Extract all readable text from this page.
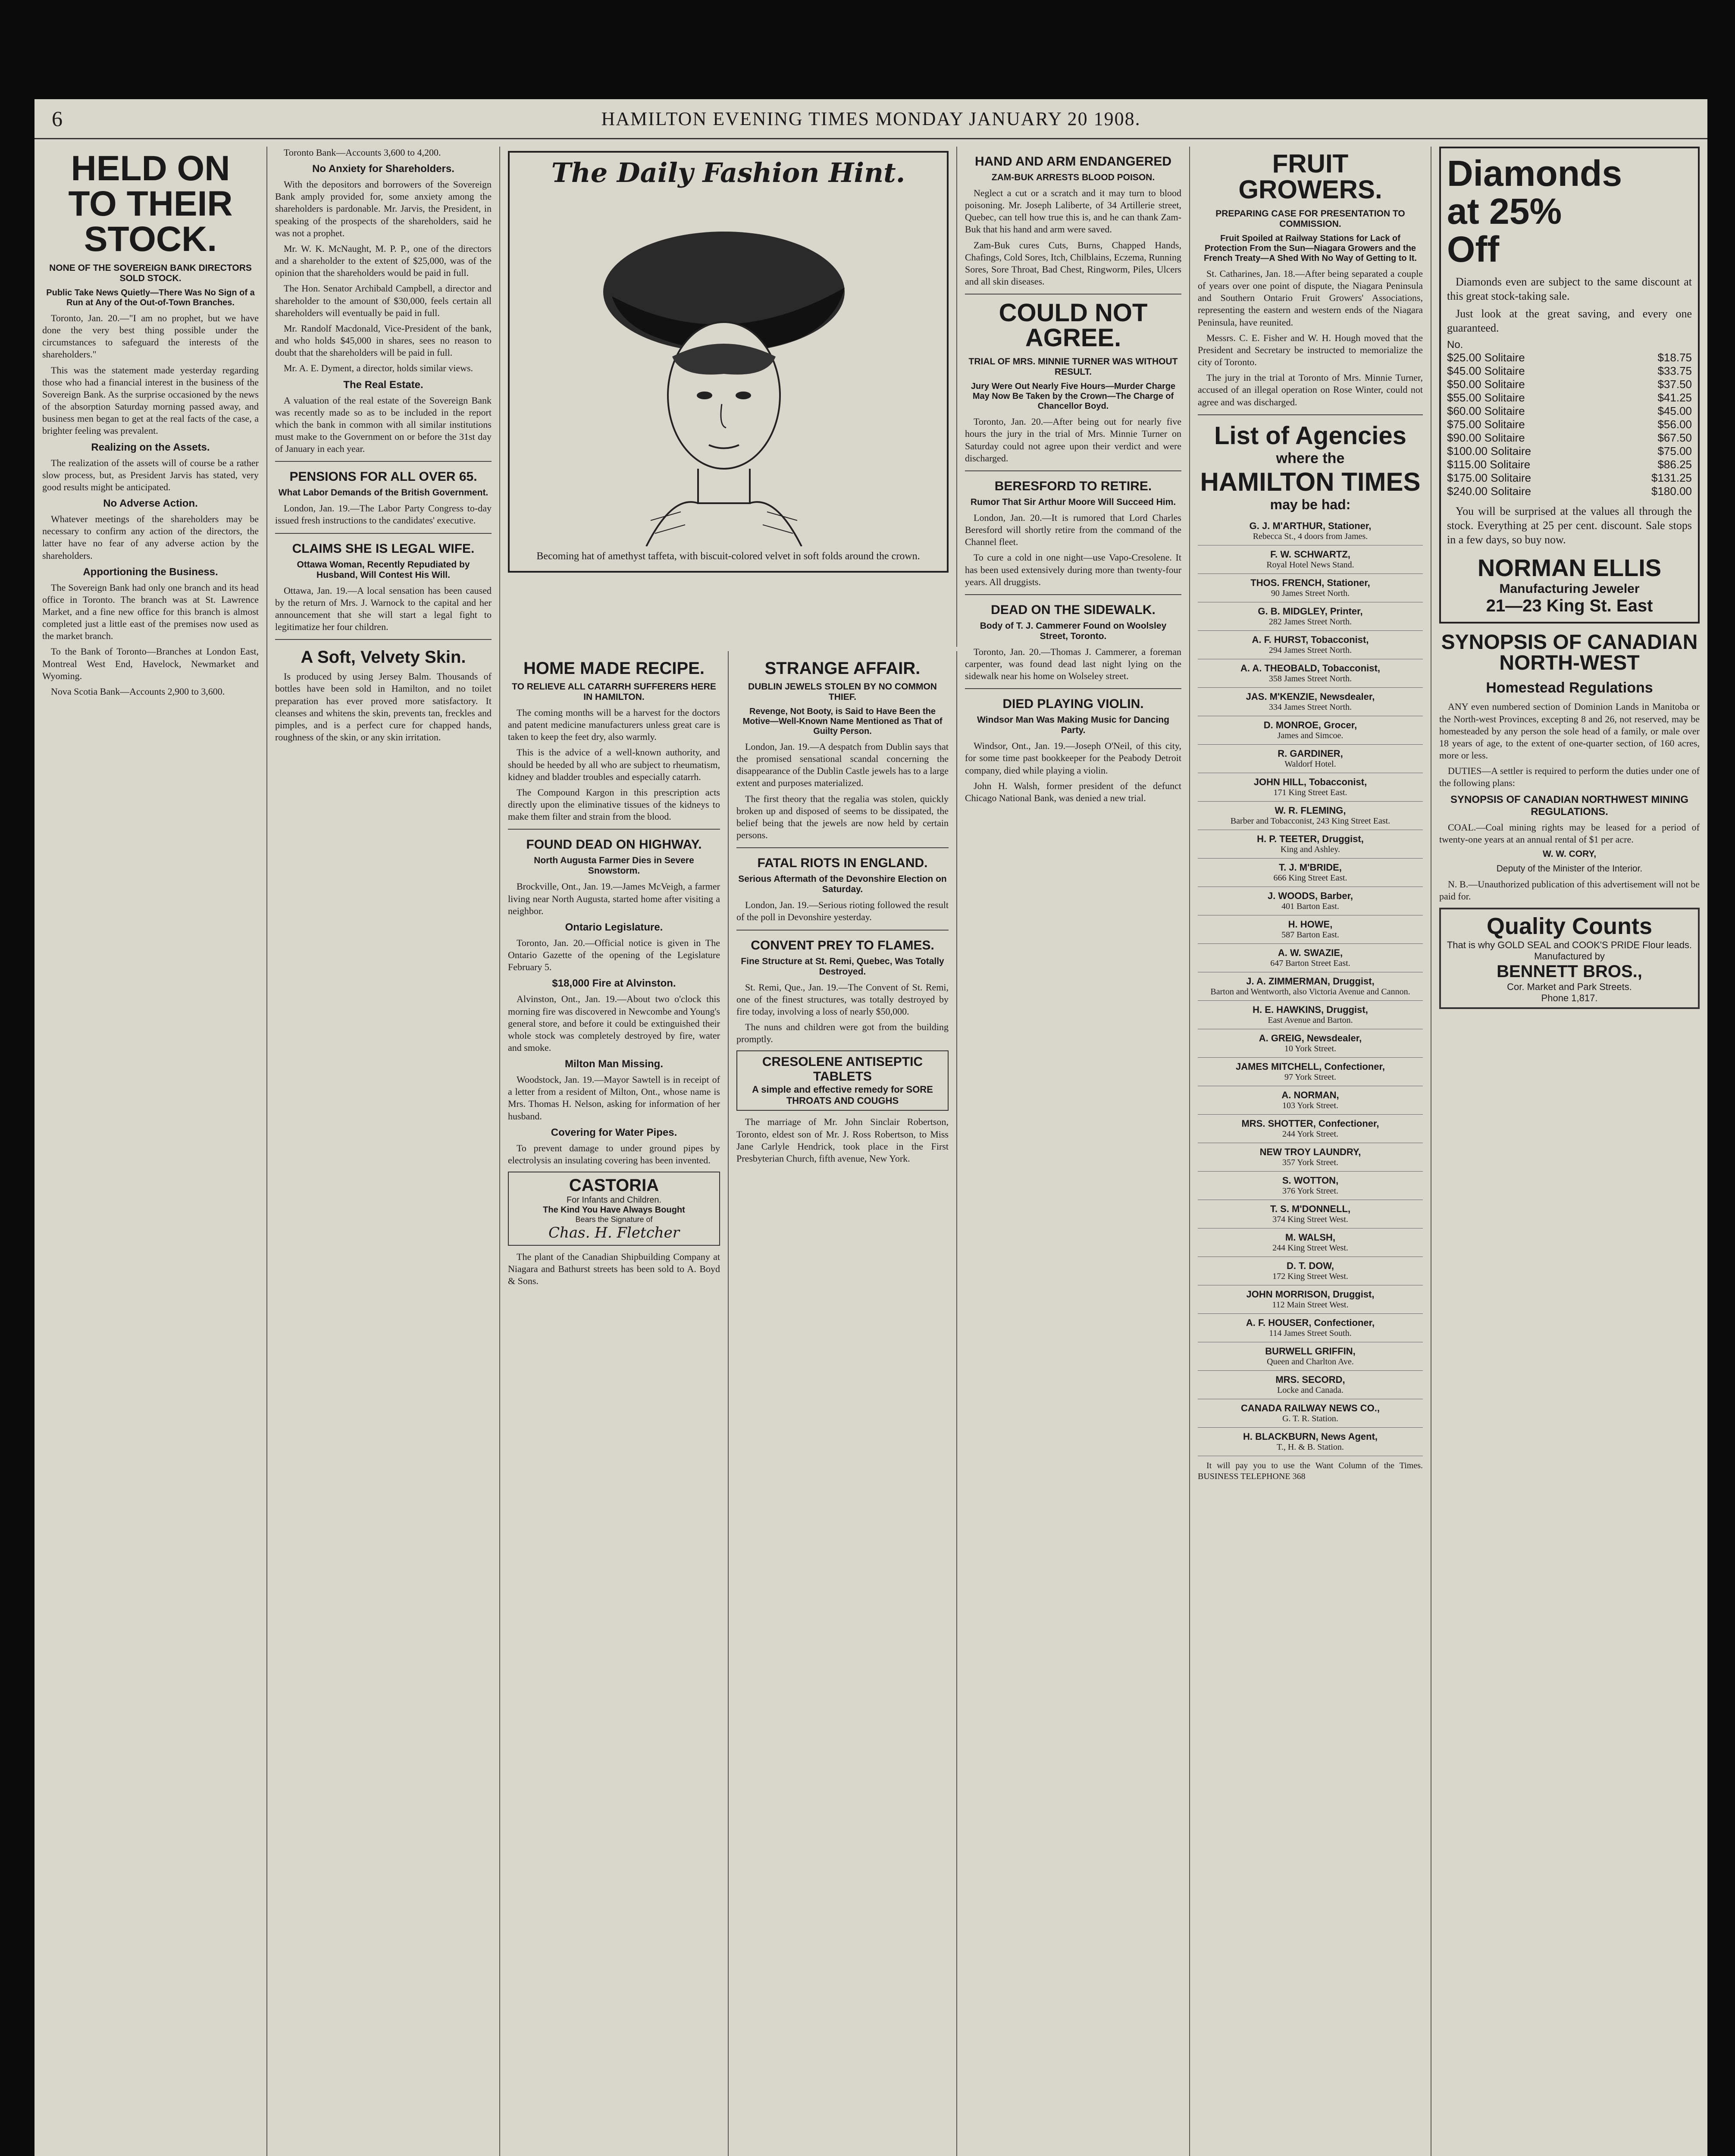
6	HAMILTON EVENING TIMES MONDAY JANUARY 20 1908.
HELD ON TO THEIR STOCK.
NONE OF THE SOVEREIGN BANK DIRECTORS SOLD STOCK.
Public Take News Quietly—There Was No Sign of a Run at Any of the Out-of-Town Branches.

Toronto, Jan. 20.—"I am no prophet, but we have done the very best thing possible under the circumstances to safeguard the interests of the shareholders."

This was the statement made yesterday regarding those who had a financial interest in the business of the Sovereign Bank. As the surprise occasioned by the news of the absorption Saturday morning passed away, and business men began to get at the real facts of the case, a brighter feeling was prevalent.

Realizing on the Assets.

The realization of the assets will of course be a rather slow process, but, as President Jarvis has stated, very good results might be anticipated.

No Adverse Action.

Whatever meetings of the shareholders may be necessary to confirm any action of the directors, the latter have no fear of any adverse action by the shareholders.

Apportioning the Business.

The Sovereign Bank had only one branch and its head office in Toronto. The branch was at St. Lawrence Market, and a fine new office for this branch is almost completed just a little east of the premises now used as the market branch.

To the Bank of Toronto—Branches at London East, Montreal West End, Havelock, Newmarket and Wyoming.

Nova Scotia Bank—Accounts 2,900 to 3,600.

Toronto Bank—Accounts 3,600 to 4,200.

No Anxiety for Shareholders.

With the depositors and borrowers of the Sovereign Bank amply provided for, some anxiety among the shareholders is pardonable. Mr. Jarvis, the President, in speaking of the prospects of the shareholders, said he was not a prophet.

Mr. W. K. McNaught, M. P. P., one of the directors and a shareholder to the extent of $25,000, was of the opinion that the shareholders would be paid in full.

The Hon. Senator Archibald Campbell, a director and shareholder to the amount of $30,000, feels certain all shareholders will eventually be paid in full.

Mr. Randolf Macdonald, Vice-President of the bank, and who holds $45,000 in shares, sees no reason to doubt that the shareholders will be paid in full.

Mr. A. E. Dyment, a director, holds similar views.

The Real Estate.

A valuation of the real estate of the Sovereign Bank was recently made so as to be included in the report which the bank in common with all similar institutions must make to the Government on or before the 31st day of January in each year.

PENSIONS FOR ALL OVER 65.
What Labor Demands of the British Government.

London, Jan. 19.—The Labor Party Congress to-day issued fresh instructions to the candidates' executive.

CLAIMS SHE IS LEGAL WIFE.
Ottawa Woman, Recently Repudiated by Husband, Will Contest His Will.

Ottawa, Jan. 19.—A local sensation has been caused by the return of Mrs. J. Warnock to the capital and her announcement that she will start a legal fight to legitimatize her four children.

A Soft, Velvety Skin.

Is produced by using Jersey Balm. Thousands of bottles have been sold in Hamilton, and no toilet preparation has ever proved more satisfactory. It cleanses and whitens the skin, prevents tan, freckles and pimples, and is a perfect cure for chapped hands, roughness of the skin, or any skin irritation.

The Daily Fashion Hint.
Becoming hat of amethyst taffeta, with biscuit-colored velvet in soft folds around the crown.
HOME MADE RECIPE.
TO RELIEVE ALL CATARRH SUFFERERS HERE IN HAMILTON.

The coming months will be a harvest for the doctors and patent medicine manufacturers unless great care is taken to keep the feet dry, also warmly.

This is the advice of a well-known authority, and should be heeded by all who are subject to rheumatism, kidney and bladder troubles and especially catarrh.

The Compound Kargon in this prescription acts directly upon the eliminative tissues of the kidneys to make them filter and strain from the blood.

FOUND DEAD ON HIGHWAY.
North Augusta Farmer Dies in Severe Snowstorm.

Brockville, Ont., Jan. 19.—James McVeigh, a farmer living near North Augusta, started home after visiting a neighbor.

Ontario Legislature.

Toronto, Jan. 20.—Official notice is given in The Ontario Gazette of the opening of the Legislature February 5.

$18,000 Fire at Alvinston.

Alvinston, Ont., Jan. 19.—About two o'clock this morning fire was discovered in Newcombe and Young's general store, and before it could be extinguished their whole stock was completely destroyed by fire, water and smoke.

Milton Man Missing.

Woodstock, Jan. 19.—Mayor Sawtell is in receipt of a letter from a resident of Milton, Ont., whose name is Mrs. Thomas H. Nelson, asking for information of her husband.

Covering for Water Pipes.

To prevent damage to under ground pipes by electrolysis an insulating covering has been invented.

CASTORIA
For Infants and Children.
The Kind You Have Always Bought
Bears the Signature of
Chas. H. Fletcher

The plant of the Canadian Shipbuilding Company at Niagara and Bathurst streets has been sold to A. Boyd & Sons.

STRANGE AFFAIR.
DUBLIN JEWELS STOLEN BY NO COMMON THIEF.
Revenge, Not Booty, is Said to Have Been the Motive—Well-Known Name Mentioned as That of Guilty Person.

London, Jan. 19.—A despatch from Dublin says that the promised sensational scandal concerning the disappearance of the Dublin Castle jewels has to a large extent and purposes materialized.

The first theory that the regalia was stolen, quickly broken up and disposed of seems to be dissipated, the belief being that the jewels are now held by certain persons.

FATAL RIOTS IN ENGLAND.
Serious Aftermath of the Devonshire Election on Saturday.

London, Jan. 19.—Serious rioting followed the result of the poll in Devonshire yesterday.

CONVENT PREY TO FLAMES.
Fine Structure at St. Remi, Quebec, Was Totally Destroyed.

St. Remi, Que., Jan. 19.—The Convent of St. Remi, one of the finest structures, was totally destroyed by fire today, involving a loss of nearly $50,000.

The nuns and children were got from the building promptly.

CRESOLENE ANTISEPTIC TABLETS
A simple and effective remedy for SORE THROATS AND COUGHS

The marriage of Mr. John Sinclair Robertson, Toronto, eldest son of Mr. J. Ross Robertson, to Miss Jane Carlyle Hendrick, took place in the First Presbyterian Church, fifth avenue, New York.

HAND AND ARM ENDANGERED
ZAM-BUK ARRESTS BLOOD POISON.

Neglect a cut or a scratch and it may turn to blood poisoning. Mr. Joseph Laliberte, of 34 Artillerie street, Quebec, can tell how true this is, and he can thank Zam-Buk that his hand and arm were saved.

Zam-Buk cures Cuts, Burns, Chapped Hands, Chafings, Cold Sores, Itch, Chilblains, Eczema, Running Sores, Sore Throat, Bad Chest, Ringworm, Piles, Ulcers and all skin diseases.

COULD NOT AGREE.
TRIAL OF MRS. MINNIE TURNER WAS WITHOUT RESULT.
Jury Were Out Nearly Five Hours—Murder Charge May Now Be Taken by the Crown—The Charge of Chancellor Boyd.

Toronto, Jan. 20.—After being out for nearly five hours the jury in the trial of Mrs. Minnie Turner on Saturday could not agree upon their verdict and were discharged.

BERESFORD TO RETIRE.
Rumor That Sir Arthur Moore Will Succeed Him.

London, Jan. 20.—It is rumored that Lord Charles Beresford will shortly retire from the command of the Channel fleet.

To cure a cold in one night—use Vapo-Cresolene. It has been used extensively during more than twenty-four years. All druggists.

DEAD ON THE SIDEWALK.
Body of T. J. Cammerer Found on Woolsley Street, Toronto.

Toronto, Jan. 20.—Thomas J. Cammerer, a foreman carpenter, was found dead last night lying on the sidewalk near his home on Wolseley street.

DIED PLAYING VIOLIN.
Windsor Man Was Making Music for Dancing Party.

Windsor, Ont., Jan. 19.—Joseph O'Neil, of this city, for some time past bookkeeper for the Peabody Detroit company, died while playing a violin.

John H. Walsh, former president of the defunct Chicago National Bank, was denied a new trial.

FRUIT GROWERS.
PREPARING CASE FOR PRESENTATION TO COMMISSION.
Fruit Spoiled at Railway Stations for Lack of Protection From the Sun—Niagara Growers and the French Treaty—A Shed With No Way of Getting to It.

St. Catharines, Jan. 18.—After being separated a couple of years over one point of dispute, the Niagara Peninsula and Southern Ontario Fruit Growers' Associations, representing the eastern and western ends of the Niagara Peninsula, have reunited.

Messrs. C. E. Fisher and W. H. Hough moved that the President and Secretary be instructed to memorialize the city of Toronto.

The jury in the trial at Toronto of Mrs. Minnie Turner, accused of an illegal operation on Rose Winter, could not agree and was discharged.

List of Agencies
where the
HAMILTON TIMES
may be had:
G. J. M'ARTHUR, Stationer,
Rebecca St., 4 doors from James.
F. W. SCHWARTZ,
Royal Hotel News Stand.
THOS. FRENCH, Stationer,
90 James Street North.
G. B. MIDGLEY, Printer,
282 James Street North.
A. F. HURST, Tobacconist,
294 James Street North.
A. A. THEOBALD, Tobacconist,
358 James Street North.
JAS. M'KENZIE, Newsdealer,
334 James Street North.
D. MONROE, Grocer,
James and Simcoe.
R. GARDINER,
Waldorf Hotel.
JOHN HILL, Tobacconist,
171 King Street East.
W. R. FLEMING,
Barber and Tobacconist, 243 King Street East.
H. P. TEETER, Druggist,
King and Ashley.
T. J. M'BRIDE,
666 King Street East.
J. WOODS, Barber,
401 Barton East.
H. HOWE,
587 Barton East.
A. W. SWAZIE,
647 Barton Street East.
J. A. ZIMMERMAN, Druggist,
Barton and Wentworth, also Victoria Avenue and Cannon.
H. E. HAWKINS, Druggist,
East Avenue and Barton.
A. GREIG, Newsdealer,
10 York Street.
JAMES MITCHELL, Confectioner,
97 York Street.
A. NORMAN,
103 York Street.
MRS. SHOTTER, Confectioner,
244 York Street.
NEW TROY LAUNDRY,
357 York Street.
S. WOTTON,
376 York Street.
T. S. M'DONNELL,
374 King Street West.
M. WALSH,
244 King Street West.
D. T. DOW,
172 King Street West.
JOHN MORRISON, Druggist,
112 Main Street West.
A. F. HOUSER, Confectioner,
114 James Street South.
BURWELL GRIFFIN,
Queen and Charlton Ave.
MRS. SECORD,
Locke and Canada.
CANADA RAILWAY NEWS CO.,
G. T. R. Station.
H. BLACKBURN, News Agent,
T., H. & B. Station.

It will pay you to use the Want Column of the Times. BUSINESS TELEPHONE 368

Diamonds
at 25%
Off

Diamonds even are subject to the same discount at this great stock-taking sale.

Just look at the great saving, and every one guaranteed.

No.
$25.00 Solitaire	$18.75
$45.00 Solitaire	$33.75
$50.00 Solitaire	$37.50
$55.00 Solitaire	$41.25
$60.00 Solitaire	$45.00
$75.00 Solitaire	$56.00
$90.00 Solitaire	$67.50
$100.00 Solitaire	$75.00
$115.00 Solitaire	$86.25
$175.00 Solitaire	$131.25
$240.00 Solitaire	$180.00

You will be surprised at the values all through the stock. Everything at 25 per cent. discount. Sale stops in a few days, so buy now.

NORMAN ELLIS
Manufacturing Jeweler
21—23 King St. East
SYNOPSIS OF CANADIAN NORTH-WEST
Homestead Regulations

ANY even numbered section of Dominion Lands in Manitoba or the North-west Provinces, excepting 8 and 26, not reserved, may be homesteaded by any person the sole head of a family, or male over 18 years of age, to the extent of one-quarter section, of 160 acres, more or less.

DUTIES—A settler is required to perform the duties under one of the following plans:

SYNOPSIS OF CANADIAN NORTHWEST MINING REGULATIONS.

COAL.—Coal mining rights may be leased for a period of twenty-one years at an annual rental of $1 per acre.

W. W. CORY,
Deputy of the Minister of the Interior.

N. B.—Unauthorized publication of this advertisement will not be paid for.

Quality Counts
That is why GOLD SEAL and COOK'S PRIDE Flour leads. Manufactured by
BENNETT BROS.,
Cor. Market and Park Streets.
Phone 1,817.
